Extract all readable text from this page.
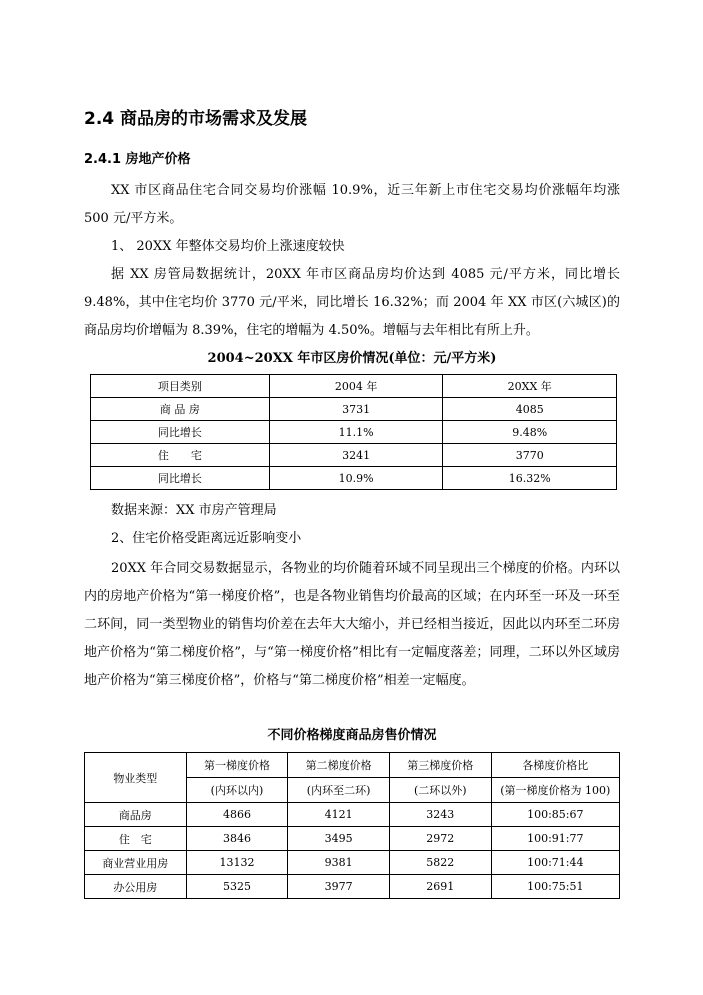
2.4 商品房的市场需求及发展
2.4.1 房地产价格
XX 市区商品住宅合同交易均价涨幅 10.9%，近三年新上市住宅交易均价涨幅年均涨 500 元/平方米。
1、 20XX 年整体交易均价上涨速度较快
据 XX 房管局数据统计，20XX 年市区商品房均价达到 4085 元/平方米，同比增长 9.48%，其中住宅均价 3770 元/平米，同比增长 16.32%；而 2004 年 XX 市区(六城区)的商品房均价增幅为 8.39%，住宅的增幅为 4.50%。增幅与去年相比有所上升。
2004~20XX 年市区房价情况(单位：元/平方米)
项目类别	2004 年	20XX 年
商 品 房	3731	4085
同比增长	11.1%	9.48%
住　　宅	3241	3770
同比增长	10.9%	16.32%
数据来源：XX 市房产管理局
2、住宅价格受距离远近影响变小
20XX 年合同交易数据显示，各物业的均价随着环域不同呈现出三个梯度的价格。内环以内的房地产价格为“第一梯度价格”，也是各物业销售均价最高的区域；在内环至一环及一环至二环间，同一类型物业的销售均价差在去年大大缩小，并已经相当接近，因此以内环至二环房地产价格为“第二梯度价格”，与“第一梯度价格”相比有一定幅度落差；同理，二环以外区域房地产价格为“第三梯度价格”，价格与“第二梯度价格”相差一定幅度。
不同价格梯度商品房售价情况
物业类型	第一梯度价格	第二梯度价格	第三梯度价格	各梯度价格比
	(内环以内)	(内环至二环)	(二环以外)	(第一梯度价格为 100)
商品房	4866	4121	3243	100:85:67
住　宅	3846	3495	2972	100:91:77
商业营业用房	13132	9381	5822	100:71:44
办公用房	5325	3977	2691	100:75:51
